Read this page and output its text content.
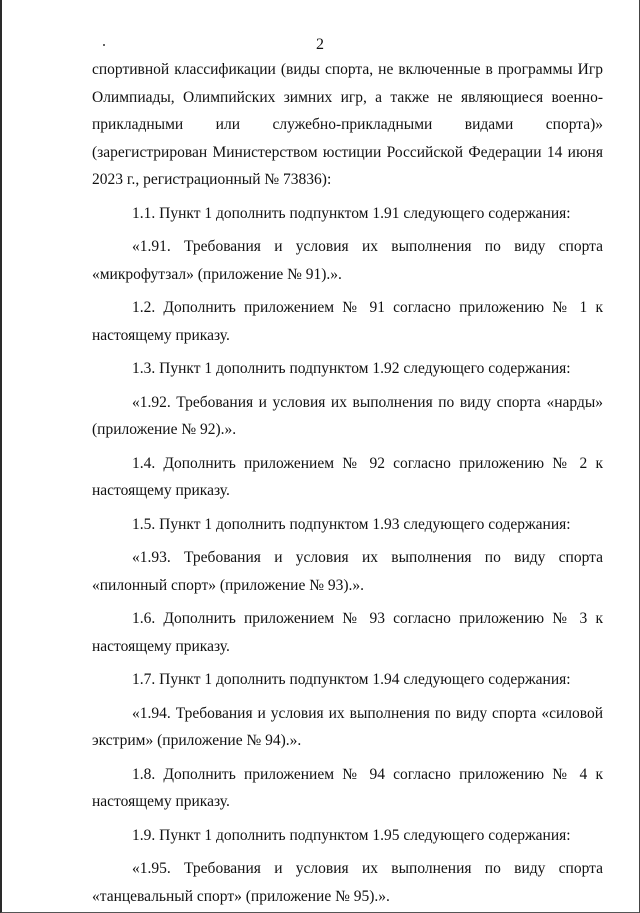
2

спортивной классификации (виды спорта, не включенные в программы Игр Олимпиады, Олимпийских зимних игр, а также не являющиеся военно-прикладными или служебно-прикладными видами спорта)» (зарегистрирован Министерством юстиции Российской Федерации 14 июня 2023 г., регистрационный № 73836):

1.1. Пункт 1 дополнить подпунктом 1.91 следующего содержания:

«1.91. Требования и условия их выполнения по виду спорта «микрофутзал» (приложение № 91).».

1.2. Дополнить приложением № 91 согласно приложению № 1 к настоящему приказу.

1.3. Пункт 1 дополнить подпунктом 1.92 следующего содержания:

«1.92. Требования и условия их выполнения по виду спорта «нарды» (приложение № 92).».

1.4. Дополнить приложением № 92 согласно приложению № 2 к настоящему приказу.

1.5. Пункт 1 дополнить подпунктом 1.93 следующего содержания:

«1.93. Требования и условия их выполнения по виду спорта «пилонный спорт» (приложение № 93).».

1.6. Дополнить приложением № 93 согласно приложению № 3 к настоящему приказу.

1.7. Пункт 1 дополнить подпунктом 1.94 следующего содержания:

«1.94. Требования и условия их выполнения по виду спорта «силовой экстрим» (приложение № 94).».

1.8. Дополнить приложением № 94 согласно приложению № 4 к настоящему приказу.

1.9. Пункт 1 дополнить подпунктом 1.95 следующего содержания:

«1.95. Требования и условия их выполнения по виду спорта «танцевальный спорт» (приложение № 95).».
